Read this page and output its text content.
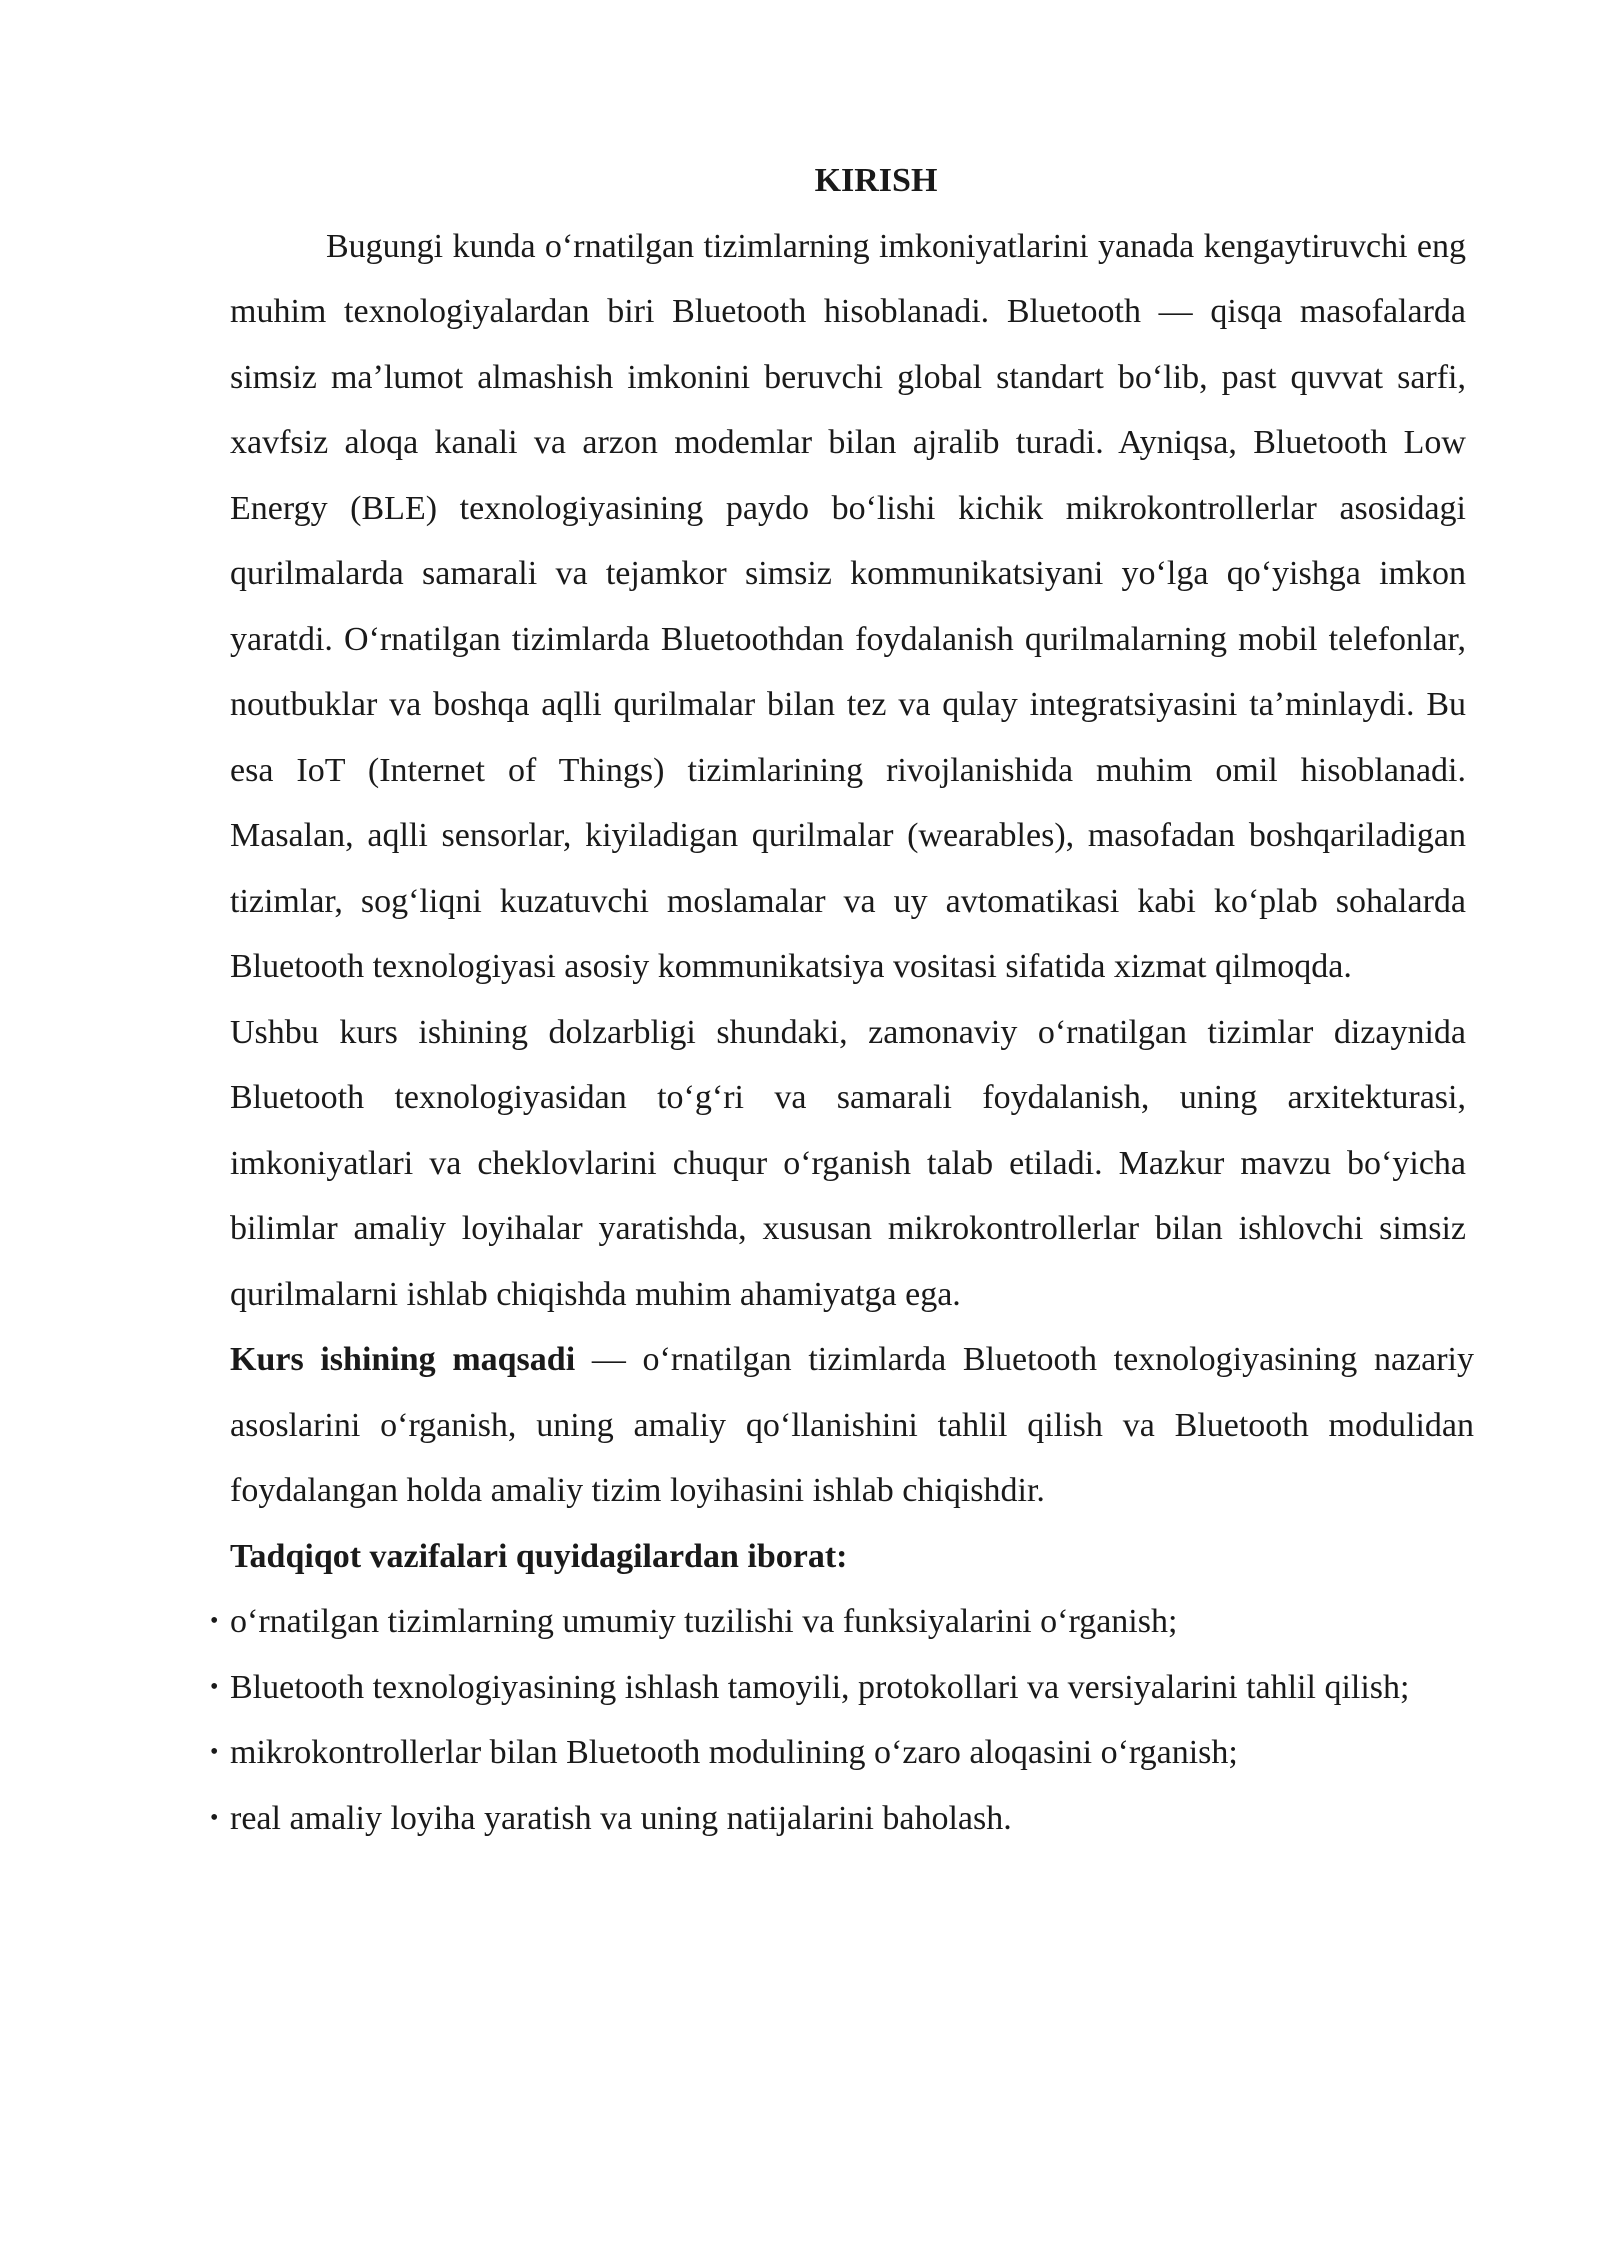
KIRISH

Bugungi kunda oʻrnatilgan tizimlarning imkoniyatlarini yanada kengaytiruvchi eng muhim texnologiyalardan biri Bluetooth hisoblanadi. Bluetooth — qisqa masofalarda simsiz maʼlumot almashish imkonini beruvchi global standart boʻlib, past quvvat sarfi, xavfsiz aloqa kanali va arzon modemlar bilan ajralib turadi. Ayniqsa, Bluetooth Low Energy (BLE) texnologiyasining paydo boʻlishi kichik mikrokontrollerlar asosidagi qurilmalarda samarali va tejamkor simsiz kommunikatsiyani yoʻlga qoʻyishga imkon yaratdi. Oʻrnatilgan tizimlarda Bluetoothdan foydalanish qurilmalarning mobil telefonlar, noutbuklar va boshqa aqlli qurilmalar bilan tez va qulay integratsiyasini taʼminlaydi. Bu esa IoT (Internet of Things) tizimlarining rivojlanishida muhim omil hisoblanadi. Masalan, aqlli sensorlar, kiyiladigan qurilmalar (wearables), masofadan boshqariladigan tizimlar, sogʻliqni kuzatuvchi moslamalar va uy avtomatikasi kabi koʻplab sohalarda Bluetooth texnologiyasi asosiy kommunikatsiya vositasi sifatida xizmat qilmoqda.

Ushbu kurs ishining dolzarbligi shundaki, zamonaviy oʻrnatilgan tizimlar dizaynida Bluetooth texnologiyasidan toʻgʻri va samarali foydalanish, uning arxitekturasi, imkoniyatlari va cheklovlarini chuqur oʻrganish talab etiladi. Mazkur mavzu boʻyicha bilimlar amaliy loyihalar yaratishda, xususan mikrokontrollerlar bilan ishlovchi simsiz qurilmalarni ishlab chiqishda muhim ahamiyatga ega.

Kurs ishining maqsadi — oʻrnatilgan tizimlarda Bluetooth texnologiyasining nazariy asoslarini oʻrganish, uning amaliy qoʻllanishini tahlil qilish va Bluetooth modulidan foydalangan holda amaliy tizim loyihasini ishlab chiqishdir.

Tadqiqot vazifalari quyidagilardan iborat:

• oʻrnatilgan tizimlarning umumiy tuzilishi va funksiyalarini oʻrganish;
• Bluetooth texnologiyasining ishlash tamoyili, protokollari va versiyalarini tahlil qilish;
• mikrokontrollerlar bilan Bluetooth modulining oʻzaro aloqasini oʻrganish;
• real amaliy loyiha yaratish va uning natijalarini baholash.
